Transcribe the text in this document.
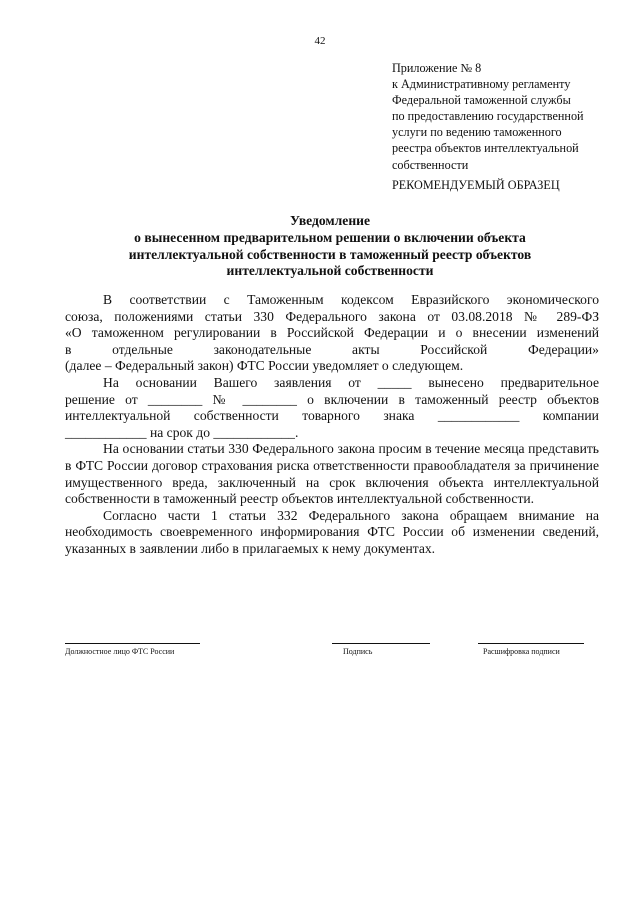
42
Приложение № 8
к Административному регламенту
Федеральной таможенной службы
по предоставлению государственной
услуги по ведению таможенного
реестра объектов интеллектуальной
собственности
РЕКОМЕНДУЕМЫЙ ОБРАЗЕЦ
Уведомление
о вынесенном предварительном решении о включении объекта
интеллектуальной собственности в таможенный реестр объектов
интеллектуальной собственности
В соответствии с Таможенным кодексом Евразийского экономического
союза, положениями статьи 330 Федерального закона от 03.08.2018 № 289-ФЗ
«О таможенном регулировании в Российской Федерации и о внесении изменений
в	отдельные	законодательные	акты	Российской	Федерации»
(далее – Федеральный закон) ФТС России уведомляет о следующем.
На основании Вашего заявления от _____ вынесено предварительное
решение от ________ № ________ о включении в таможенный реестр объектов
интеллектуальной собственности товарного знака ____________ компании
____________ на срок до ____________.

На основании статьи 330 Федерального закона просим в течение месяца представить в ФТС России договор страхования риска ответственности правообладателя за причинение имущественного вреда, заключенный на срок включения объекта интеллектуальной собственности в таможенный реестр объектов интеллектуальной собственности.

Согласно части 1 статьи 332 Федерального закона обращаем внимание на необходимость своевременного информирования ФТС России об изменении сведений, указанных в заявлении либо в прилагаемых к нему документах.

Должностное лицо ФТС России	Подпись	Расшифровка подписи
